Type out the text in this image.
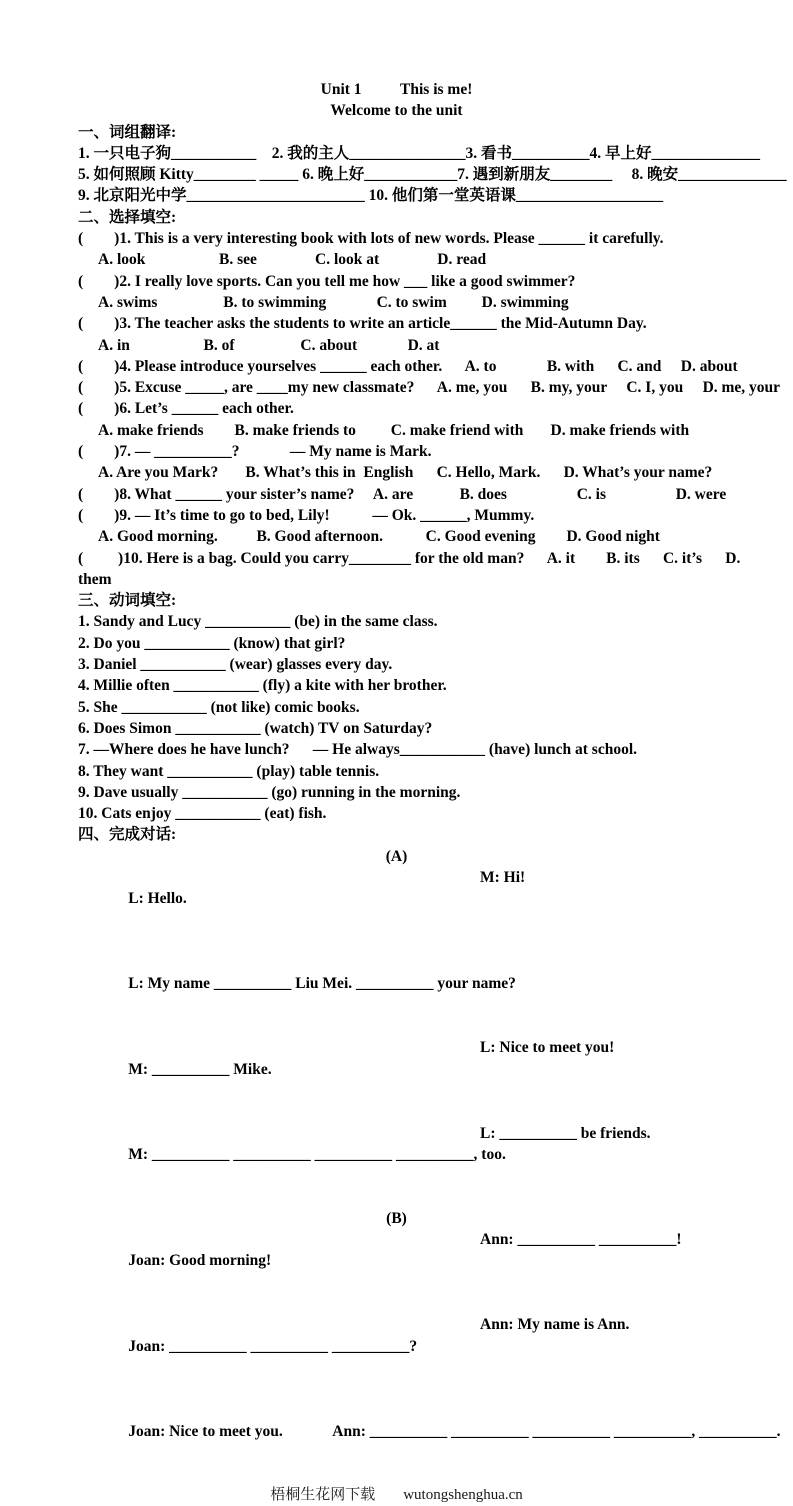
Unit 1          This is me!
Welcome to the unit
一、词组翻译:
1. 一只电子狗___________    2. 我的主人_______________3. 看书__________4. 早上好______________
5. 如何照顾 Kitty________ _____ 6. 晚上好____________7. 遇到新朋友________     8. 晚安______________
9. 北京阳光中学_______________________ 10. 他们第一堂英语课___________________
二、选择填空:
(        )1. This is a very interesting book with lots of new words. Please ______ it carefully.
A. look                   B. see               C. look at               D. read
(        )2. I really love sports. Can you tell me how ___ like a good swimmer?
A. swims                 B. to swimming             C. to swim         D. swimming
(        )3. The teacher asks the students to write an article______ the Mid-Autumn Day.
A. in                   B. of                 C. about             D. at
(        )4. Please introduce yourselves ______ each other.      A. to             B. with      C. and     D. about
(        )5. Excuse _____, are ____my new classmate?      A. me, you      B. my, your     C. I, you     D. me, your
(        )6. Let’s ______ each other.
A. make friends        B. make friends to         C. make friend with       D. make friends with
(        )7. — __________?             — My name is Mark.
A. Are you Mark?       B. What’s this in  English      C. Hello, Mark.      D. What’s your name?
(        )8. What ______ your sister’s name?     A. are            B. does                  C. is                  D. were
(        )9. — It’s time to go to bed, Lily!           — Ok. ______, Mummy.
A. Good morning.          B. Good afternoon.           C. Good evening        D. Good night
(         )10. Here is a bag. Could you carry________ for the old man?      A. it        B. its      C. it’s      D.
them
三、动词填空:
1. Sandy and Lucy ___________ (be) in the same class.
2. Do you ___________ (know) that girl?
3. Daniel ___________ (wear) glasses every day.
4. Millie often ___________ (fly) a kite with her brother.
5. She ___________ (not like) comic books.
6. Does Simon ___________ (watch) TV on Saturday?
7. —Where does he have lunch?      — He always___________ (have) lunch at school.
8. They want ___________ (play) table tennis.
9. Dave usually ___________ (go) running in the morning.
10. Cats enjoy ___________ (eat) fish.
四、完成对话:
(A)

L: Hello.

M: Hi!

L: My name __________ Liu Mei. __________ your name?

M: __________ Mike.

L: Nice to meet you!

M: __________ __________ __________ __________, too.

L: __________ be friends.

(B)

Joan: Good morning!

Ann: __________ __________!

Joan: __________ __________ __________?

Ann: My name is Ann.

Joan: Nice to meet you.             Ann: __________ __________ __________ __________, __________.

梧桐生花网下载 wutongshenghua.cn
